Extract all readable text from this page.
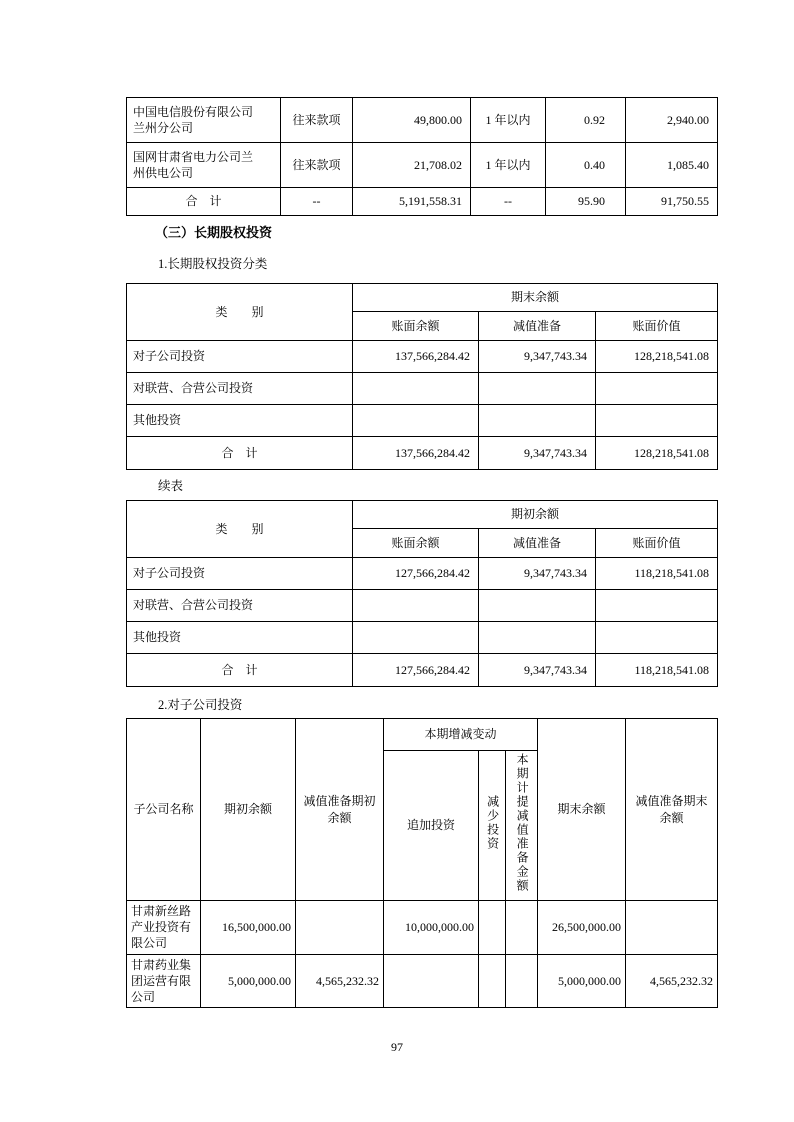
中国电信股份有限公司兰州分公司	往来款项	49,800.00	1 年以内	0.92	2,940.00
国网甘肃省电力公司兰州供电公司	往来款项	21,708.02	1 年以内	0.40	1,085.40
合　计	--	5,191,558.31	--	95.90	91,750.55
（三）长期股权投资
1.长期股权投资分类
类　　别	期末余额		
	账面余额	减值准备	账面价值
对子公司投资	137,566,284.42	9,347,743.34	128,218,541.08
对联营、合营公司投资			
其他投资			
合　计	137,566,284.42	9,347,743.34	128,218,541.08
续表
类　　别	期初余额		
	账面余额	减值准备	账面价值
对子公司投资	127,566,284.42	9,347,743.34	118,218,541.08
对联营、合营公司投资			
其他投资			
合　计	127,566,284.42	9,347,743.34	118,218,541.08
2.对子公司投资
子公司名称	期初余额	减值准备期初余额	本期增减变动			期末余额	减值准备期末余额
			追加投资	减少投资	本期计提减值准备金额		
甘肃新丝路产业投资有限公司	16,500,000.00		10,000,000.00			26,500,000.00	
甘肃药业集团运营有限公司	5,000,000.00	4,565,232.32				5,000,000.00	4,565,232.32
97
